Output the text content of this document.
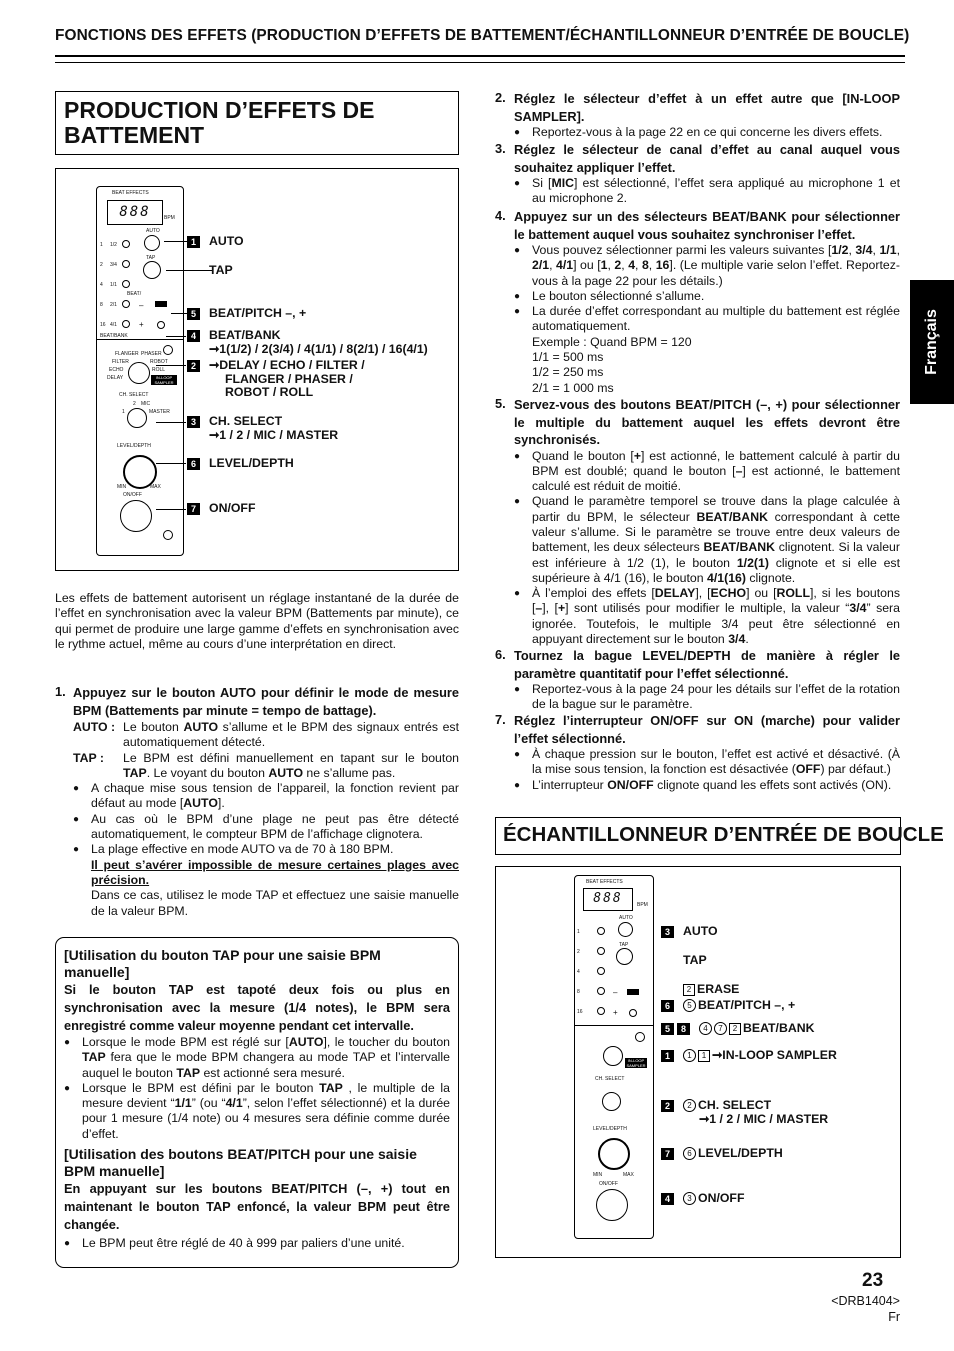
FONCTIONS DES EFFETS (PRODUCTION D’EFFETS DE BATTEMENT/ÉCHANTILLONNEUR D’ENTRÉE DE BOUCLE)
Français
PRODUCTION D’EFFETS DE BATTEMENT
BEAT EFFECTS
888	BPM
AUTO
TAP
1 1/2
2 3/4
4 1/1
8 2/1
16 4/1
BEAT/
BEAT/BANK
–
+
FLANGER PHASER
FILTER
ECHO
DELAY
ROBOT
ROLL
IN-LOOP SAMPLER
CH. SELECT
2 MIC
1	MASTER
LEVEL/DEPTH
MIN	MAX
ON/OFF
1 AUTO
TAP
5 BEAT/PITCH –, +
4 BEAT/BANK
➞1(1/2) / 2(3/4) / 4(1/1) / 8(2/1) / 16(4/1)
2 ➞DELAY / ECHO / FILTER /
FLANGER / PHASER /
ROBOT / ROLL
3 CH. SELECT
➞1 / 2 / MIC / MASTER
6 LEVEL/DEPTH
7 ON/OFF
Les effets de battement autorisent un réglage instantané de la durée de l’effet en synchronisation avec la valeur BPM (Battements par minute), ce qui permet de produire une large gamme d’effets en synchronisation avec le rythme actuel, même au cours d’une interprétation en direct.
1. Appuyez sur le bouton AUTO pour définir le mode de mesure BPM (Battements par minute = tempo de battage).
AUTO : Le bouton AUTO s’allume et le BPM des signaux entrés est automatiquement détecté.
TAP : Le BPM est défini manuellement en tapant sur le bouton TAP. Le voyant du bouton AUTO ne s’allume pas.
● A chaque mise sous tension de l’appareil, la fonction revient par défaut au mode [AUTO].
● Au cas où le BPM d’une plage ne peut pas être détecté automatiquement, le compteur BPM de l’affichage clignotera.
● La plage effective en mode AUTO va de 70 à 180 BPM.
Il peut s’avérer impossible de mesure certaines plages avec précision.
Dans ce cas, utilisez le mode TAP et effectuez une saisie manuelle de la valeur BPM.
[Utilisation du bouton TAP pour une saisie BPM manuelle]
Si le bouton TAP est tapoté deux fois ou plus en synchronisation avec la mesure (1/4 notes), le BPM sera enregistré comme valeur moyenne pendant cet intervalle.
● Lorsque le mode BPM est réglé sur [AUTO], le toucher du bouton TAP fera que le mode BPM changera au mode TAP et l’intervalle auquel le bouton TAP est actionné sera mesuré.
● Lorsque le BPM est défini par le bouton TAP , le multiple de la mesure devient “1/1” (ou “4/1”, selon l’effet sélectionné) et la durée pour 1 mesure (1/4 note) ou 4 mesures sera définie comme durée d’effet.
[Utilisation des boutons BEAT/PITCH pour une saisie BPM manuelle]
En appuyant sur les boutons BEAT/PITCH (–, +) tout en maintenant le bouton TAP enfoncé, la valeur BPM peut être changée.
● Le BPM peut être réglé de 40 à 999 par paliers d’une unité.
2. Réglez le sélecteur d’effet à un effet autre que [IN-LOOP SAMPLER].
● Reportez-vous à la page 22 en ce qui concerne les divers effets.
3. Réglez le sélecteur de canal d’effet au canal auquel vous souhaitez appliquer l’effet.
● Si [MIC] est sélectionné, l’effet sera appliqué au microphone 1 et au microphone 2.
4. Appuyez sur un des sélecteurs BEAT/BANK pour sélectionner le battement auquel vous souhaitez synchroniser l’effet.
● Vous pouvez sélectionner parmi les valeurs suivantes [1/2, 3/4, 1/1, 2/1, 4/1] ou [1, 2, 4, 8, 16]. (Le multiple varie selon l’effet. Reportez-vous à la page 22 pour les détails.)
● Le bouton sélectionné s’allume.
● La durée d’effet correspondant au multiple du battement est réglée automatiquement.
Exemple : Quand BPM = 120
1/1 = 500 ms
1/2 = 250 ms
2/1 = 1 000 ms
5. Servez-vous des boutons BEAT/PITCH (–, +) pour sélectionner le multiple du battement auquel les effets devront être synchronisés.
● Quand le bouton [+] est actionné, le battement calculé à partir du BPM est doublé; quand le bouton [–] est actionné, le battement calculé est réduit de moitié.
● Quand le paramètre temporel se trouve dans la plage calculée à partir du BPM, le sélecteur BEAT/BANK correspondant à cette valeur s’allume. Si le paramètre se trouve entre deux valeurs de battement, les deux sélecteurs BEAT/BANK clignotent. Si la valeur est inférieure à 1/2 (1), le bouton 1/2(1) clignote et si elle est supérieure à 4/1 (16), le bouton 4/1(16) clignote.
● À l’emploi des effets [DELAY], [ECHO] ou [ROLL], si les boutons [–], [+] sont utilisés pour modifier le multiple, la valeur “3/4” sera ignorée. Toutefois, le multiple 3/4 peut être sélectionné en appuyant directement sur le bouton 3/4.
6. Tournez la bague LEVEL/DEPTH de manière à régler le paramètre quantitatif pour l’effet sélectionné.
● Reportez-vous à la page 24 pour les détails sur l’effet de la rotation de la bague sur le paramètre.
7. Réglez l’interrupteur ON/OFF sur ON (marche) pour valider l’effet sélectionné.
● À chaque pression sur le bouton, l’effet est activé et désactivé. (À la mise sous tension, la fonction est désactivée (OFF) par défaut.)
● L’interrupteur ON/OFF clignote quand les effets sont activés (ON).
ÉCHANTILLONNEUR D’ENTRÉE DE BOUCLE
BEAT EFFECTS
888	BPM
AUTO
TAP
1
2
4
8
16
–
+
IN-LOOP SAMPLER
CH. SELECT
LEVEL/DEPTH
MIN	MAX
ON/OFF
3 AUTO
TAP
2 ERASE
6 5 BEAT/PITCH –, +
5 8 4 7 2 BEAT/BANK
1 1 1 ➞IN-LOOP SAMPLER
2 2 CH. SELECT
➞1 / 2 / MIC / MASTER
7 6 LEVEL/DEPTH
4 3 ON/OFF
23
<DRB1404>
Fr
